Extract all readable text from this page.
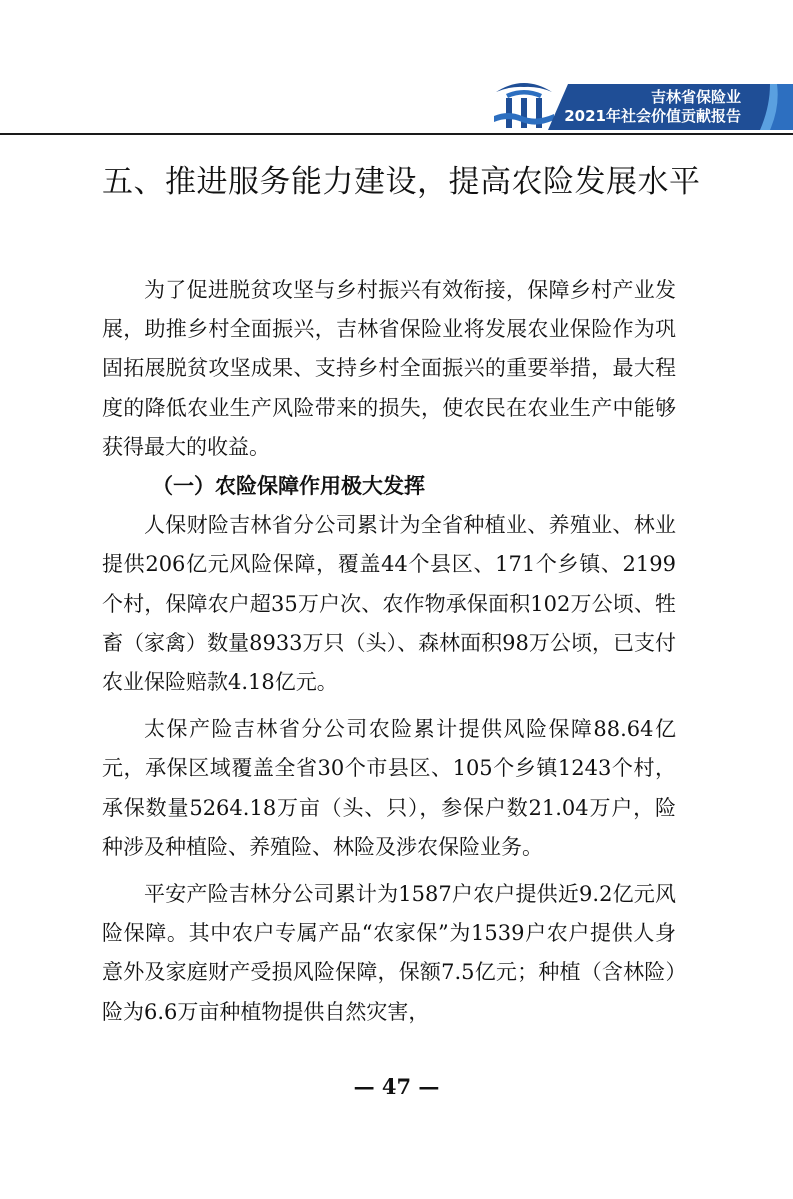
吉林省保险业
2021年社会价值贡献报告
五、推进服务能力建设，提高农险发展水平

为了促进脱贫攻坚与乡村振兴有效衔接，保障乡村产业发展，助推乡村全面振兴，吉林省保险业将发展农业保险作为巩固拓展脱贫攻坚成果、支持乡村全面振兴的重要举措，最大程度的降低农业生产风险带来的损失，使农民在农业生产中能够获得最大的收益。

（一）农险保障作用极大发挥

人保财险吉林省分公司累计为全省种植业、养殖业、林业提供206亿元风险保障，覆盖44个县区、171个乡镇、2199个村，保障农户超35万户次、农作物承保面积102万公顷、牲畜（家禽）数量8933万只（头）、森林面积98万公顷，已支付农业保险赔款4.18亿元。

太保产险吉林省分公司农险累计提供风险保障88.64亿元，承保区域覆盖全省30个市县区、105个乡镇1243个村，承保数量5264.18万亩（头、只），参保户数21.04万户，险种涉及种植险、养殖险、林险及涉农保险业务。

平安产险吉林分公司累计为1587户农户提供近9.2亿元风险保障。其中农户专属产品“农家保”为1539户农户提供人身意外及家庭财产受损风险保障，保额7.5亿元；种植（含林险）险为6.6万亩种植物提供自然灾害，

— 47 —
